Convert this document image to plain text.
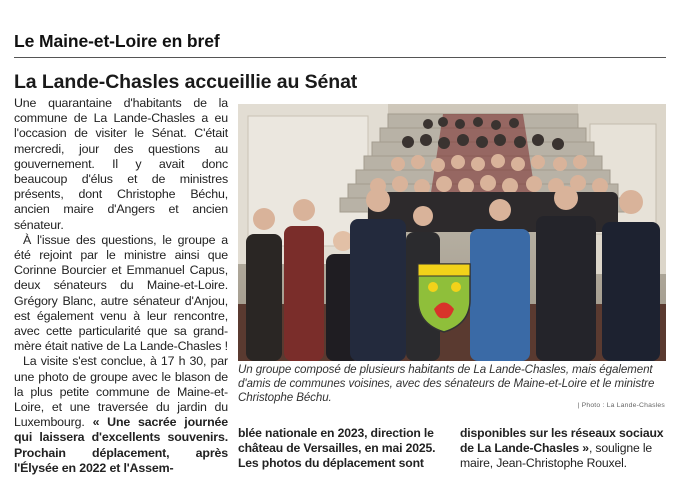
Le Maine-et-Loire en bref
La Lande-Chasles accueillie au Sénat

Une quarantaine d'habitants de la commune de La Lande-Chasles a eu l'occasion de visiter le Sénat. C'était mercredi, jour des questions au gouvernement. Il y avait donc beaucoup d'élus et de ministres présents, dont Christophe Béchu, ancien maire d'Angers et ancien sénateur.

À l'issue des questions, le groupe a été rejoint par le ministre ainsi que Corinne Bourcier et Emmanuel Capus, deux sénateurs du Maine-et-Loire. Grégory Blanc, autre sénateur d'Anjou, est également venu à leur rencontre, avec cette particularité que sa grand-mère était native de La Lande-Chasles !

La visite s'est conclue, à 17 h 30, par une photo de groupe avec le blason de la plus petite commune de Maine-et-Loire, et une traversée du jardin du Luxembourg. « Une sacrée journée qui laissera d'excellents souvenirs. Prochain déplacement, après l'Élysée en 2022 et l'Assem-

Un groupe composé de plusieurs habitants de La Lande-Chasles, mais également d'amis de communes voisines, avec des sénateurs de Maine-et-Loire et le ministre Christophe Béchu.
| Photo : La Lande-Chasles
blée nationale en 2023, direction le château de Versailles, en mai 2025. Les photos du déplacement sont
disponibles sur les réseaux sociaux de La Lande-Chasles », souligne le maire, Jean-Christophe Rouxel.
